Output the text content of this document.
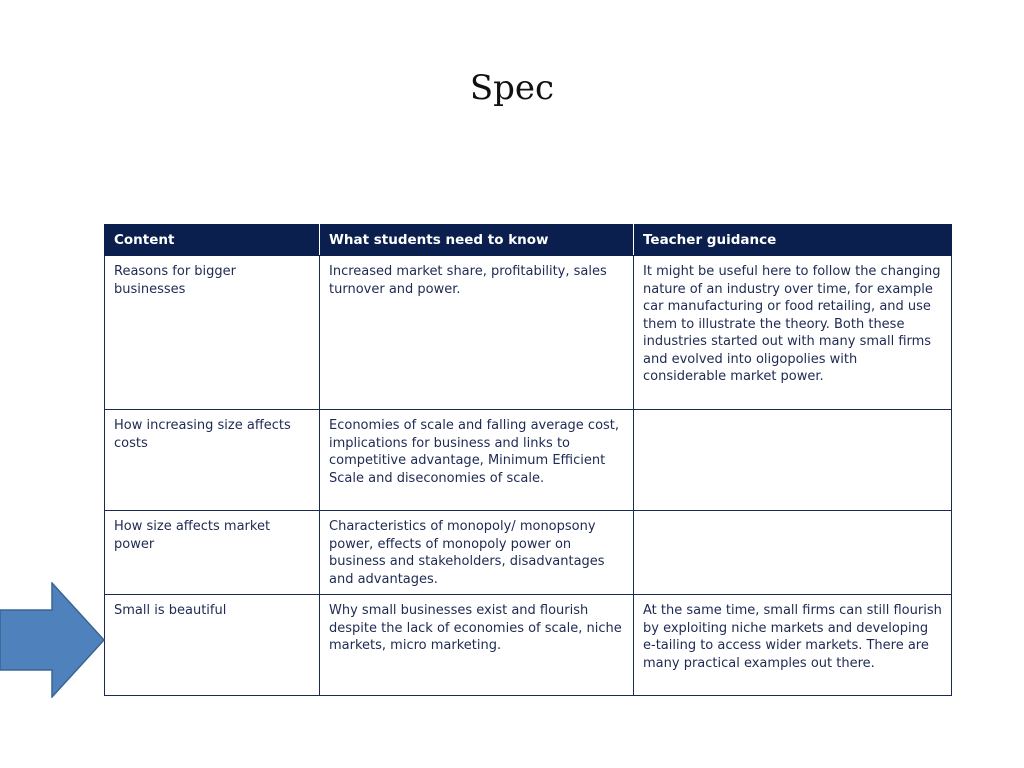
Spec
Content	What students need to know	Teacher guidance
Reasons for bigger businesses	Increased market share, profitability, sales turnover and power.	It might be useful here to follow the changing nature of an industry over time, for example car manufacturing or food retailing, and use them to illustrate the theory. Both these industries started out with many small firms and evolved into oligopolies with considerable market power.
How increasing size affects costs	Economies of scale and falling average cost, implications for business and links to competitive advantage, Minimum Efficient Scale and diseconomies of scale.	
How size affects market power	Characteristics of monopoly/ monopsony power, effects of monopoly power on business and stakeholders, disadvantages and advantages.	
Small is beautiful	Why small businesses exist and flourish despite the lack of economies of scale, niche markets, micro marketing.	At the same time, small firms can still flourish by exploiting niche markets and developing e-tailing to access wider markets. There are many practical examples out there.
